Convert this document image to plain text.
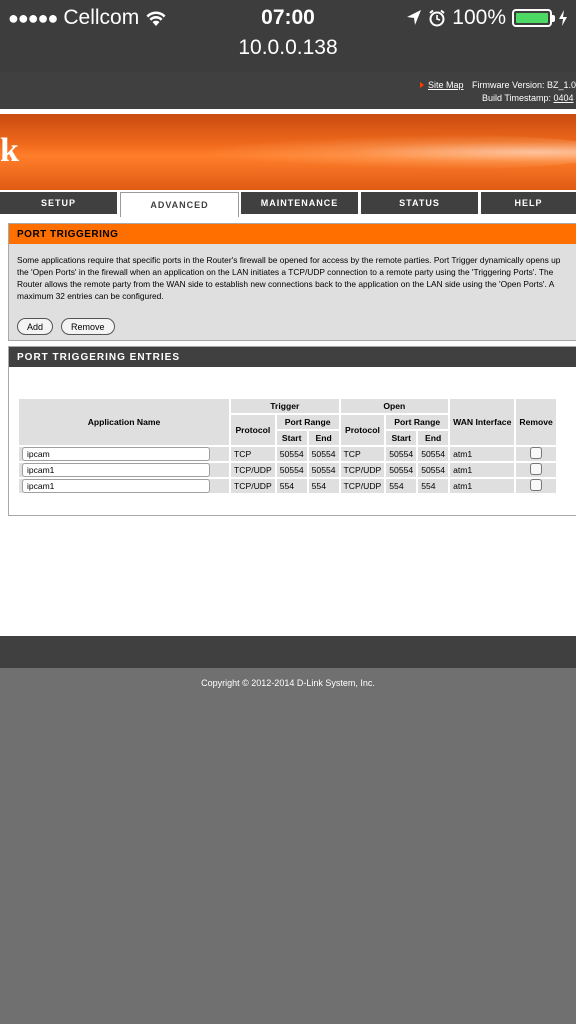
●●●●● Cellcom	07:00	100%
10.0.0.138
Site Map Firmware Version: BZ_1.0
Build Timestamp: 0404
k
SETUP	ADVANCED	MAINTENANCE	STATUS	HELP
PORT TRIGGERING
Some applications require that specific ports in the Router's firewall be opened for access by the remote parties. Port Trigger dynamically opens up the 'Open Ports' in the firewall when an application on the LAN initiates a TCP/UDP connection to a remote party using the 'Triggering Ports'. The Router allows the remote party from the WAN side to establish new connections back to the application on the LAN side using the 'Open Ports'. A maximum 32 entries can be configured.
Add	Remove
PORT TRIGGERING ENTRIES
Application Name	Trigger			Open			WAN Interface	Remove
	Protocol	Port Range		Protocol	Port Range			
		Start	End		Start	End		

ipcam	TCP	50554	50554	TCP	50554	50554	atm1	

ipcam1	TCP/UDP	50554	50554	TCP/UDP	50554	50554	atm1	

ipcam1	TCP/UDP	554	554	TCP/UDP	554	554	atm1	
Copyright © 2012-2014 D-Link System, Inc.
